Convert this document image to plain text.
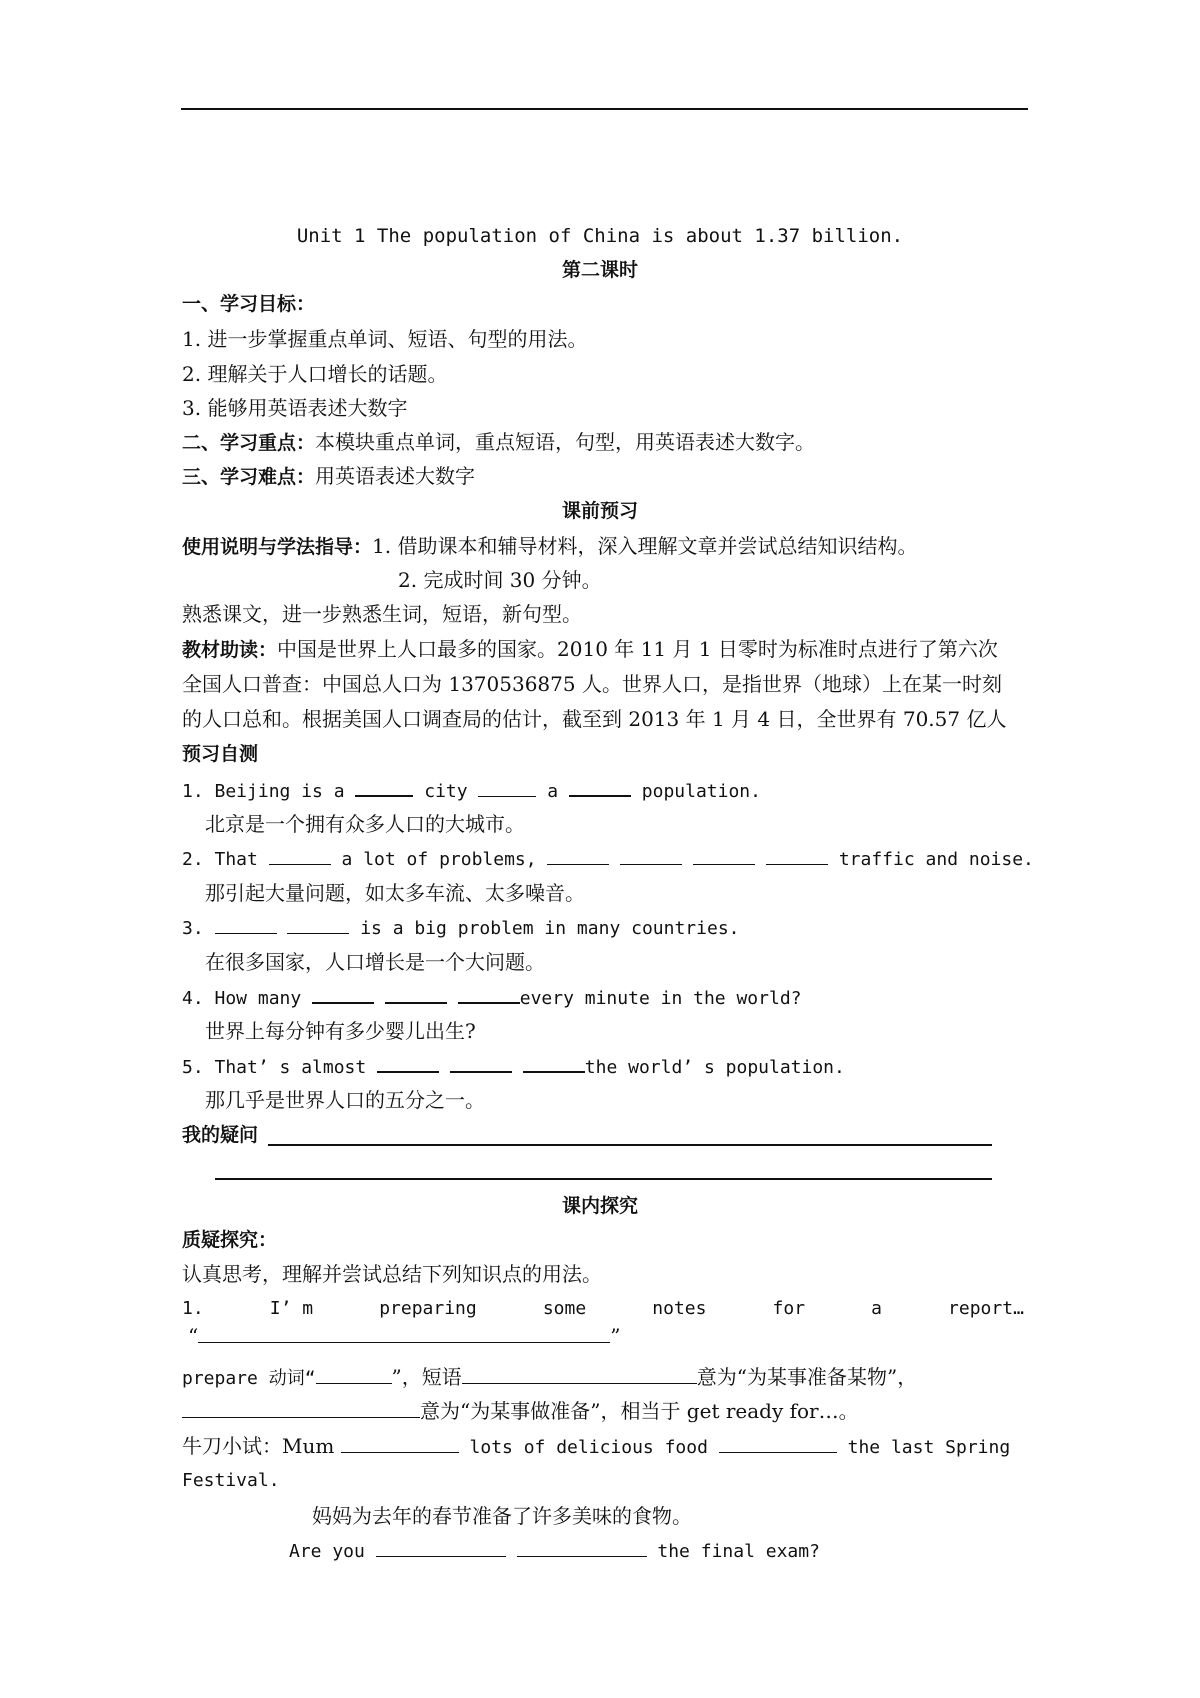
Unit 1 The population of China is about 1.37 billion.
第二课时
一、学习目标：
1. 进一步掌握重点单词、短语、句型的用法。
2. 理解关于人口增长的话题。
3. 能够用英语表述大数字
二、学习重点：本模块重点单词，重点短语，句型，用英语表述大数字。
三、学习难点：用英语表述大数字
课前预习
使用说明与学法指导：1. 借助课本和辅导材料，深入理解文章并尝试总结知识结构。
2. 完成时间 30 分钟。
熟悉课文，进一步熟悉生词，短语，新句型。
教材助读：中国是世界上人口最多的国家。2010 年 11 月 1 日零时为标准时点进行了第六次
全国人口普查：中国总人口为 1370536875 人。世界人口，是指世界（地球）上在某一时刻
的人口总和。根据美国人口调查局的估计，截至到 2013 年 1 月 4 日，全世界有 70.57 亿人
预习自测
1. Beijing is a	city	a	population.
北京是一个拥有众多人口的大城市。
2. That	a lot of problems,	traffic and noise.
那引起大量问题，如太多车流、太多噪音。
3.	is a big problem in many countries.
在很多国家，人口增长是一个大问题。
4. How many	every minute in the world?
世界上每分钟有多少婴儿出生?
5. That’ s almost	the world’ s population.
那几乎是世界人口的五分之一。
我的疑问
课内探究
质疑探究：
认真思考，理解并尝试总结下列知识点的用法。
1.	I’ m	preparing	some	notes	for	a	report…
“	”
prepare 动词“	”，短语	意为“为某事准备某物”，
意为“为某事做准备”，相当于 get ready for…。
牛刀小试：Mum	lots of delicious food	the last Spring
Festival.
妈妈为去年的春节准备了许多美味的食物。
Are you	the final exam?
